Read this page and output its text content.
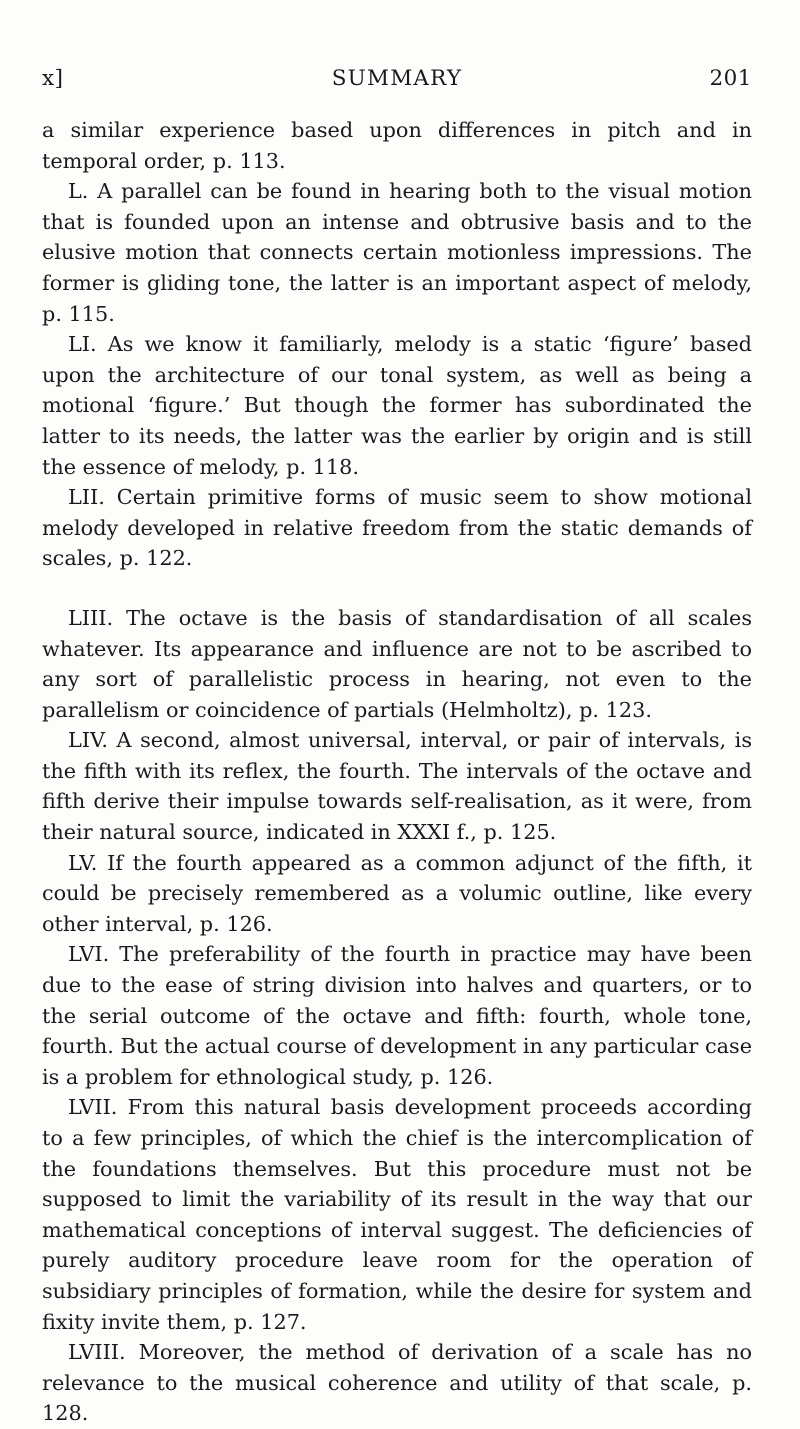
x]	SUMMARY	201

a similar experience based upon differences in pitch and in temporal order, p. 113.

L. A parallel can be found in hearing both to the visual motion that is founded upon an intense and obtrusive basis and to the elusive motion that connects certain motionless impressions. The former is gliding tone, the latter is an important aspect of melody, p. 115.

LI. As we know it familiarly, melody is a static ‘figure’ based upon the architecture of our tonal system, as well as being a motional ‘figure.’ But though the former has subordinated the latter to its needs, the latter was the earlier by origin and is still the essence of melody, p. 118.

LII. Certain primitive forms of music seem to show motional melody developed in relative freedom from the static demands of scales, p. 122.

LIII. The octave is the basis of standardisation of all scales whatever. Its appearance and influence are not to be ascribed to any sort of parallelistic process in hearing, not even to the parallelism or coincidence of partials (Helmholtz), p. 123.

LIV. A second, almost universal, interval, or pair of intervals, is the fifth with its reflex, the fourth. The intervals of the octave and fifth derive their impulse towards self-realisation, as it were, from their natural source, indicated in XXXI f., p. 125.

LV. If the fourth appeared as a common adjunct of the fifth, it could be precisely remembered as a volumic outline, like every other interval, p. 126.

LVI. The preferability of the fourth in practice may have been due to the ease of string division into halves and quarters, or to the serial outcome of the octave and fifth: fourth, whole tone, fourth. But the actual course of development in any particular case is a problem for ethnological study, p. 126.

LVII. From this natural basis development proceeds according to a few principles, of which the chief is the intercomplication of the foundations themselves. But this procedure must not be supposed to limit the variability of its result in the way that our mathematical conceptions of interval suggest. The deficiencies of purely auditory procedure leave room for the operation of subsidiary principles of formation, while the desire for system and fixity invite them, p. 127.

LVIII. Moreover, the method of derivation of a scale has no relevance to the musical coherence and utility of that scale, p. 128.
